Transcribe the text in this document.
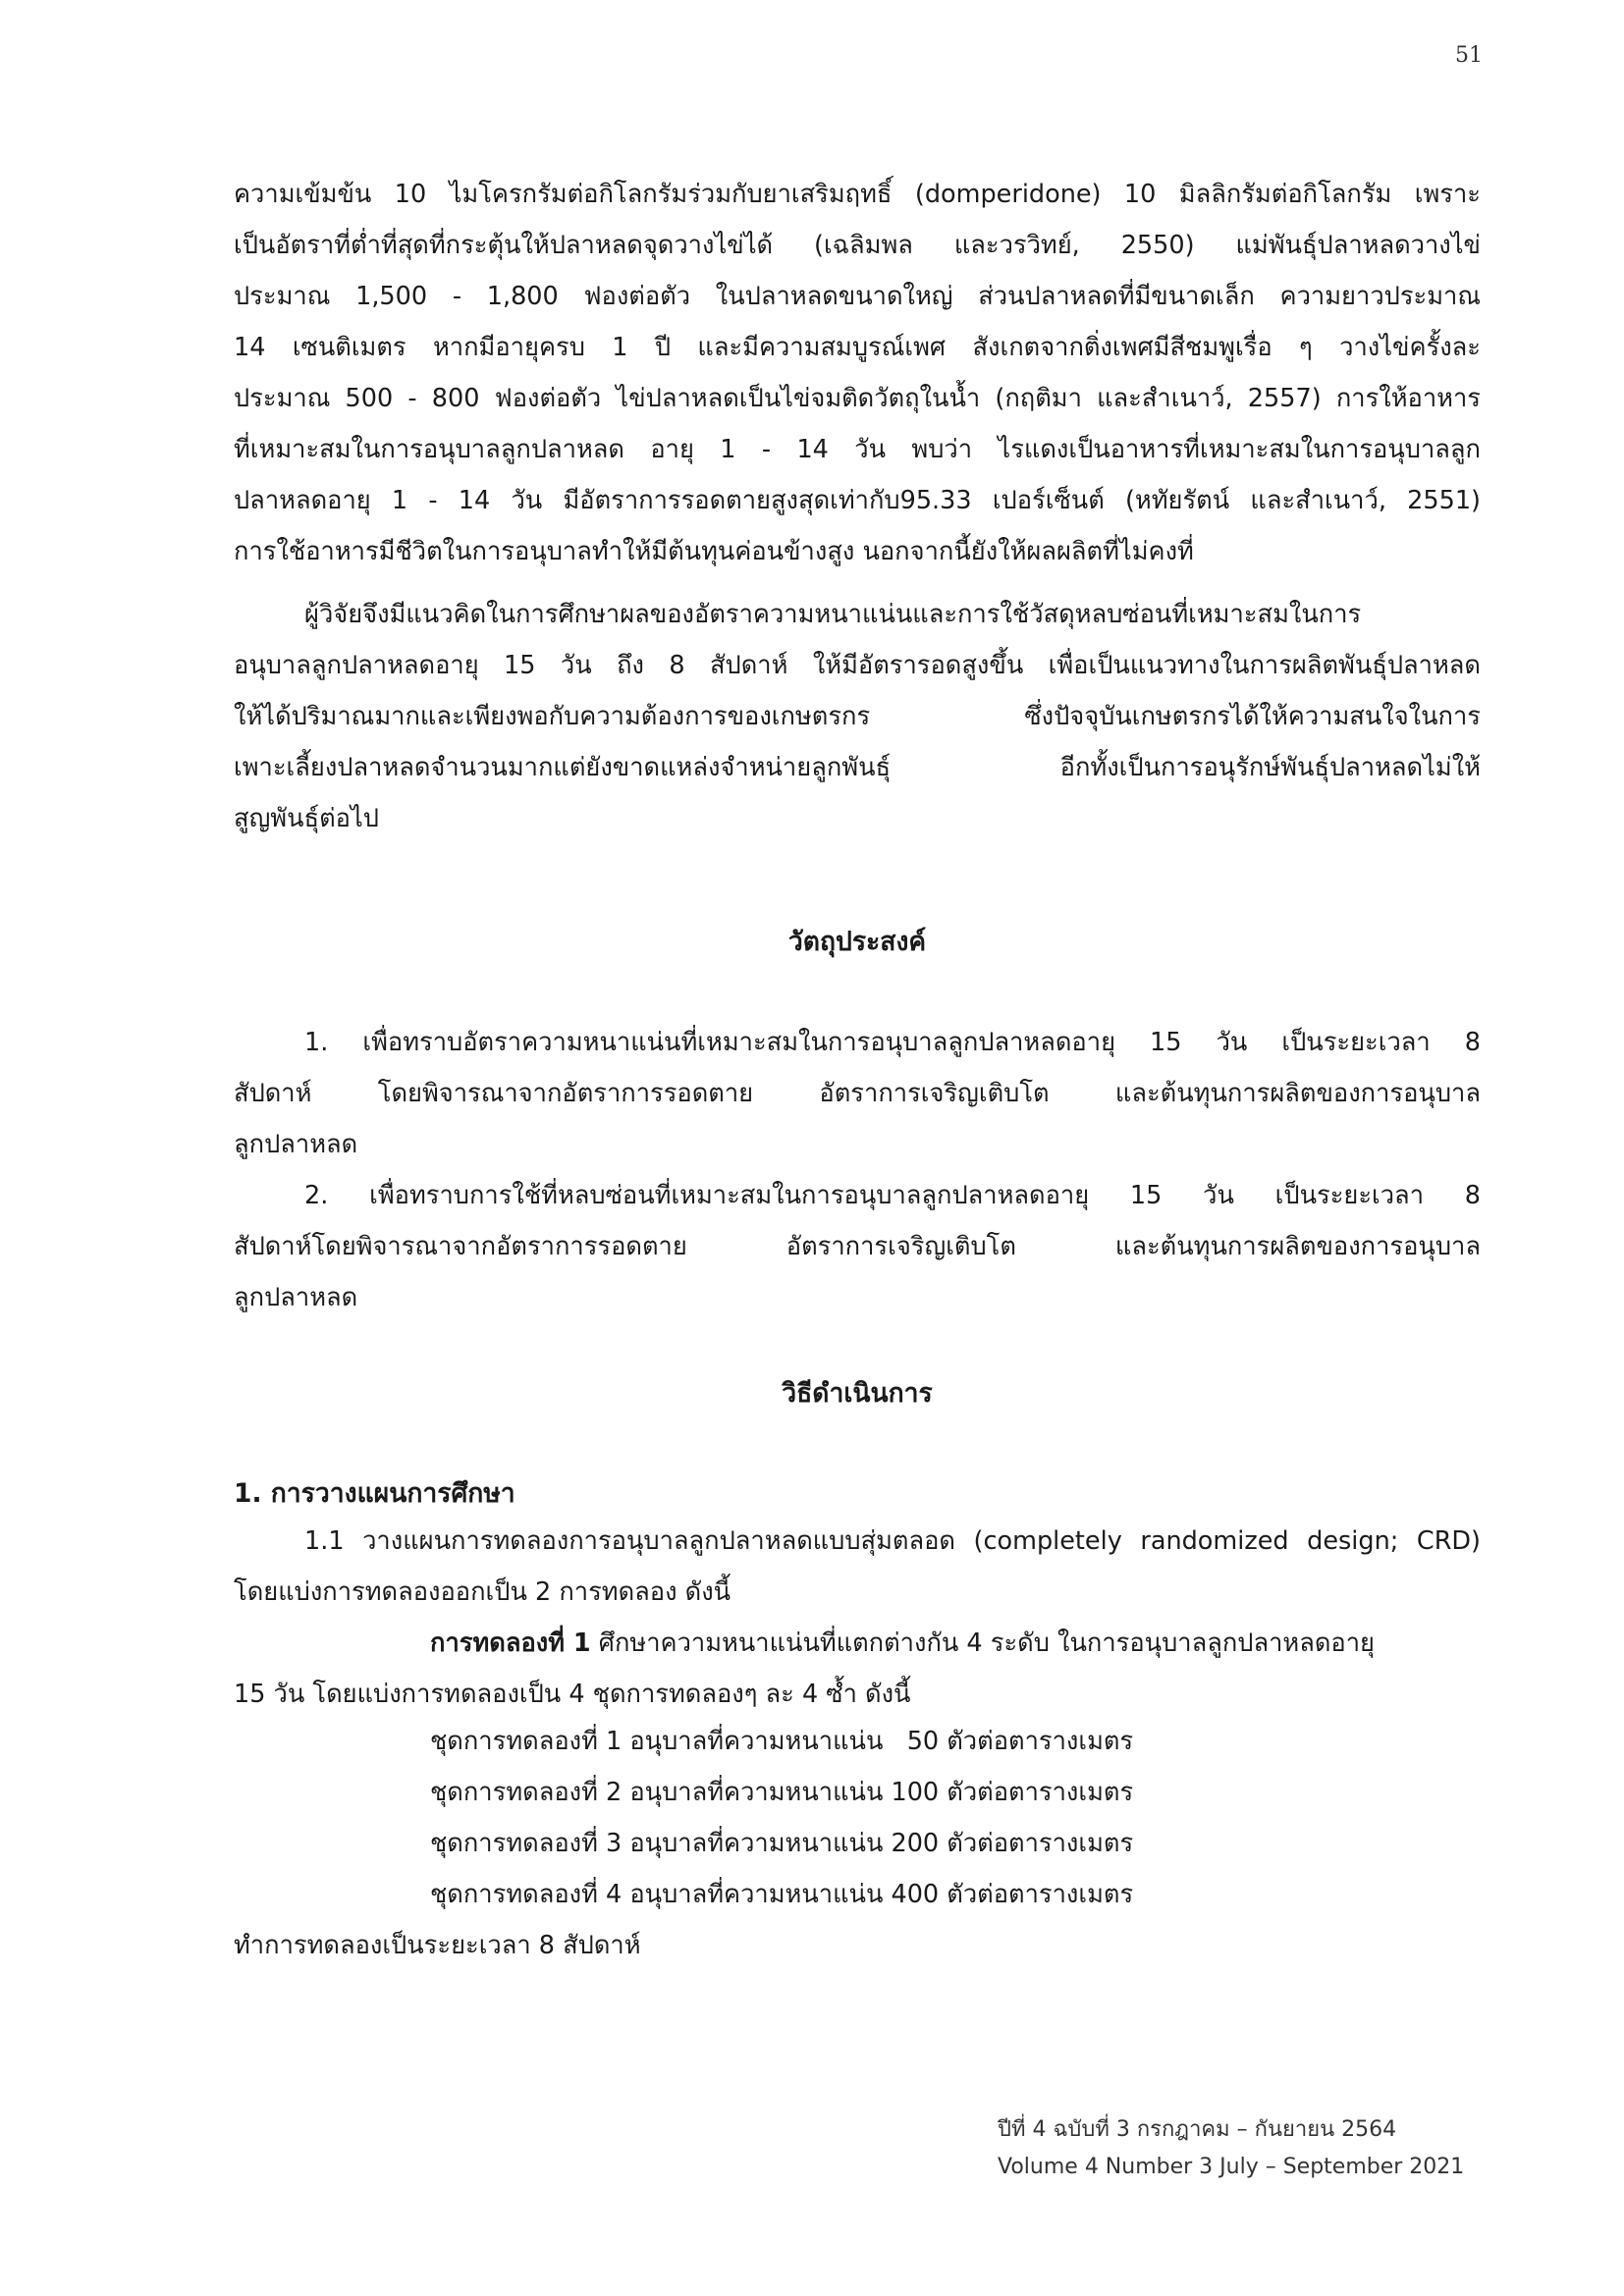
51
ความเข้มข้น 10 ไมโครกรัมต่อกิโลกรัมร่วมกับยาเสริมฤทธิ์ (domperidone) 10 มิลลิกรัมต่อกิโลกรัม เพราะ
เป็นอัตราที่ต่ำที่สุดที่กระตุ้นให้ปลาหลดจุดวางไข่ได้ (เฉลิมพล และวรวิทย์, 2550) แม่พันธุ์ปลาหลดวางไข่
ประมาณ 1,500 - 1,800 ฟองต่อตัว ในปลาหลดขนาดใหญ่ ส่วนปลาหลดที่มีขนาดเล็ก ความยาวประมาณ
14 เซนติเมตร หากมีอายุครบ 1 ปี และมีความสมบูรณ์เพศ สังเกตจากติ่งเพศมีสีชมพูเรื่อ ๆ วางไข่ครั้งละ
ประมาณ 500 - 800 ฟองต่อตัว ไข่ปลาหลดเป็นไข่จมติดวัตถุในน้ำ (กฤติมา และสำเนาว์, 2557) การให้อาหาร
ที่เหมาะสมในการอนุบาลลูกปลาหลด อายุ 1 - 14 วัน พบว่า ไรแดงเป็นอาหารที่เหมาะสมในการอนุบาลลูก
ปลาหลดอายุ 1 - 14 วัน มีอัตราการรอดตายสูงสุดเท่ากับ95.33 เปอร์เซ็นต์ (หทัยรัตน์ และสำเนาว์, 2551)
การใช้อาหารมีชีวิตในการอนุบาลทำให้มีต้นทุนค่อนข้างสูง นอกจากนี้ยังให้ผลผลิตที่ไม่คงที่
ผู้วิจัยจึงมีแนวคิดในการศึกษาผลของอัตราความหนาแน่นและการใช้วัสดุหลบซ่อนที่เหมาะสมในการ
อนุบาลลูกปลาหลดอายุ 15 วัน ถึง 8 สัปดาห์ ให้มีอัตรารอดสูงขึ้น เพื่อเป็นแนวทางในการผลิตพันธุ์ปลาหลด
ให้ได้ปริมาณมากและเพียงพอกับความต้องการของเกษตรกร ซึ่งปัจจุบันเกษตรกรได้ให้ความสนใจในการ
เพาะเลี้ยงปลาหลดจำนวนมากแต่ยังขาดแหล่งจำหน่ายลูกพันธุ์ อีกทั้งเป็นการอนุรักษ์พันธุ์ปลาหลดไม่ให้
สูญพันธุ์ต่อไป
วัตถุประสงค์
1. เพื่อทราบอัตราความหนาแน่นที่เหมาะสมในการอนุบาลลูกปลาหลดอายุ 15 วัน เป็นระยะเวลา 8
สัปดาห์ โดยพิจารณาจากอัตราการรอดตาย อัตราการเจริญเติบโต และต้นทุนการผลิตของการอนุบาล
ลูกปลาหลด
2. เพื่อทราบการใช้ที่หลบซ่อนที่เหมาะสมในการอนุบาลลูกปลาหลดอายุ 15 วัน เป็นระยะเวลา 8
สัปดาห์โดยพิจารณาจากอัตราการรอดตาย อัตราการเจริญเติบโต และต้นทุนการผลิตของการอนุบาล
ลูกปลาหลด
วิธีดำเนินการ
1. การวางแผนการศึกษา
1.1 วางแผนการทดลองการอนุบาลลูกปลาหลดแบบสุ่มตลอด (completely randomized design; CRD)
โดยแบ่งการทดลองออกเป็น 2 การทดลอง ดังนี้
การทดลองที่ 1 ศึกษาความหนาแน่นที่แตกต่างกัน 4 ระดับ ในการอนุบาลลูกปลาหลดอายุ
15 วัน โดยแบ่งการทดลองเป็น 4 ชุดการทดลองๆ ละ 4 ซ้ำ ดังนี้
ชุดการทดลองที่ 1 อนุบาลที่ความหนาแน่น   50 ตัวต่อตารางเมตร
ชุดการทดลองที่ 2 อนุบาลที่ความหนาแน่น 100 ตัวต่อตารางเมตร
ชุดการทดลองที่ 3 อนุบาลที่ความหนาแน่น 200 ตัวต่อตารางเมตร
ชุดการทดลองที่ 4 อนุบาลที่ความหนาแน่น 400 ตัวต่อตารางเมตร
ทำการทดลองเป็นระยะเวลา 8 สัปดาห์
ปีที่ 4 ฉบับที่ 3 กรกฎาคม – กันยายน 2564
Volume 4 Number 3 July – September 2021
